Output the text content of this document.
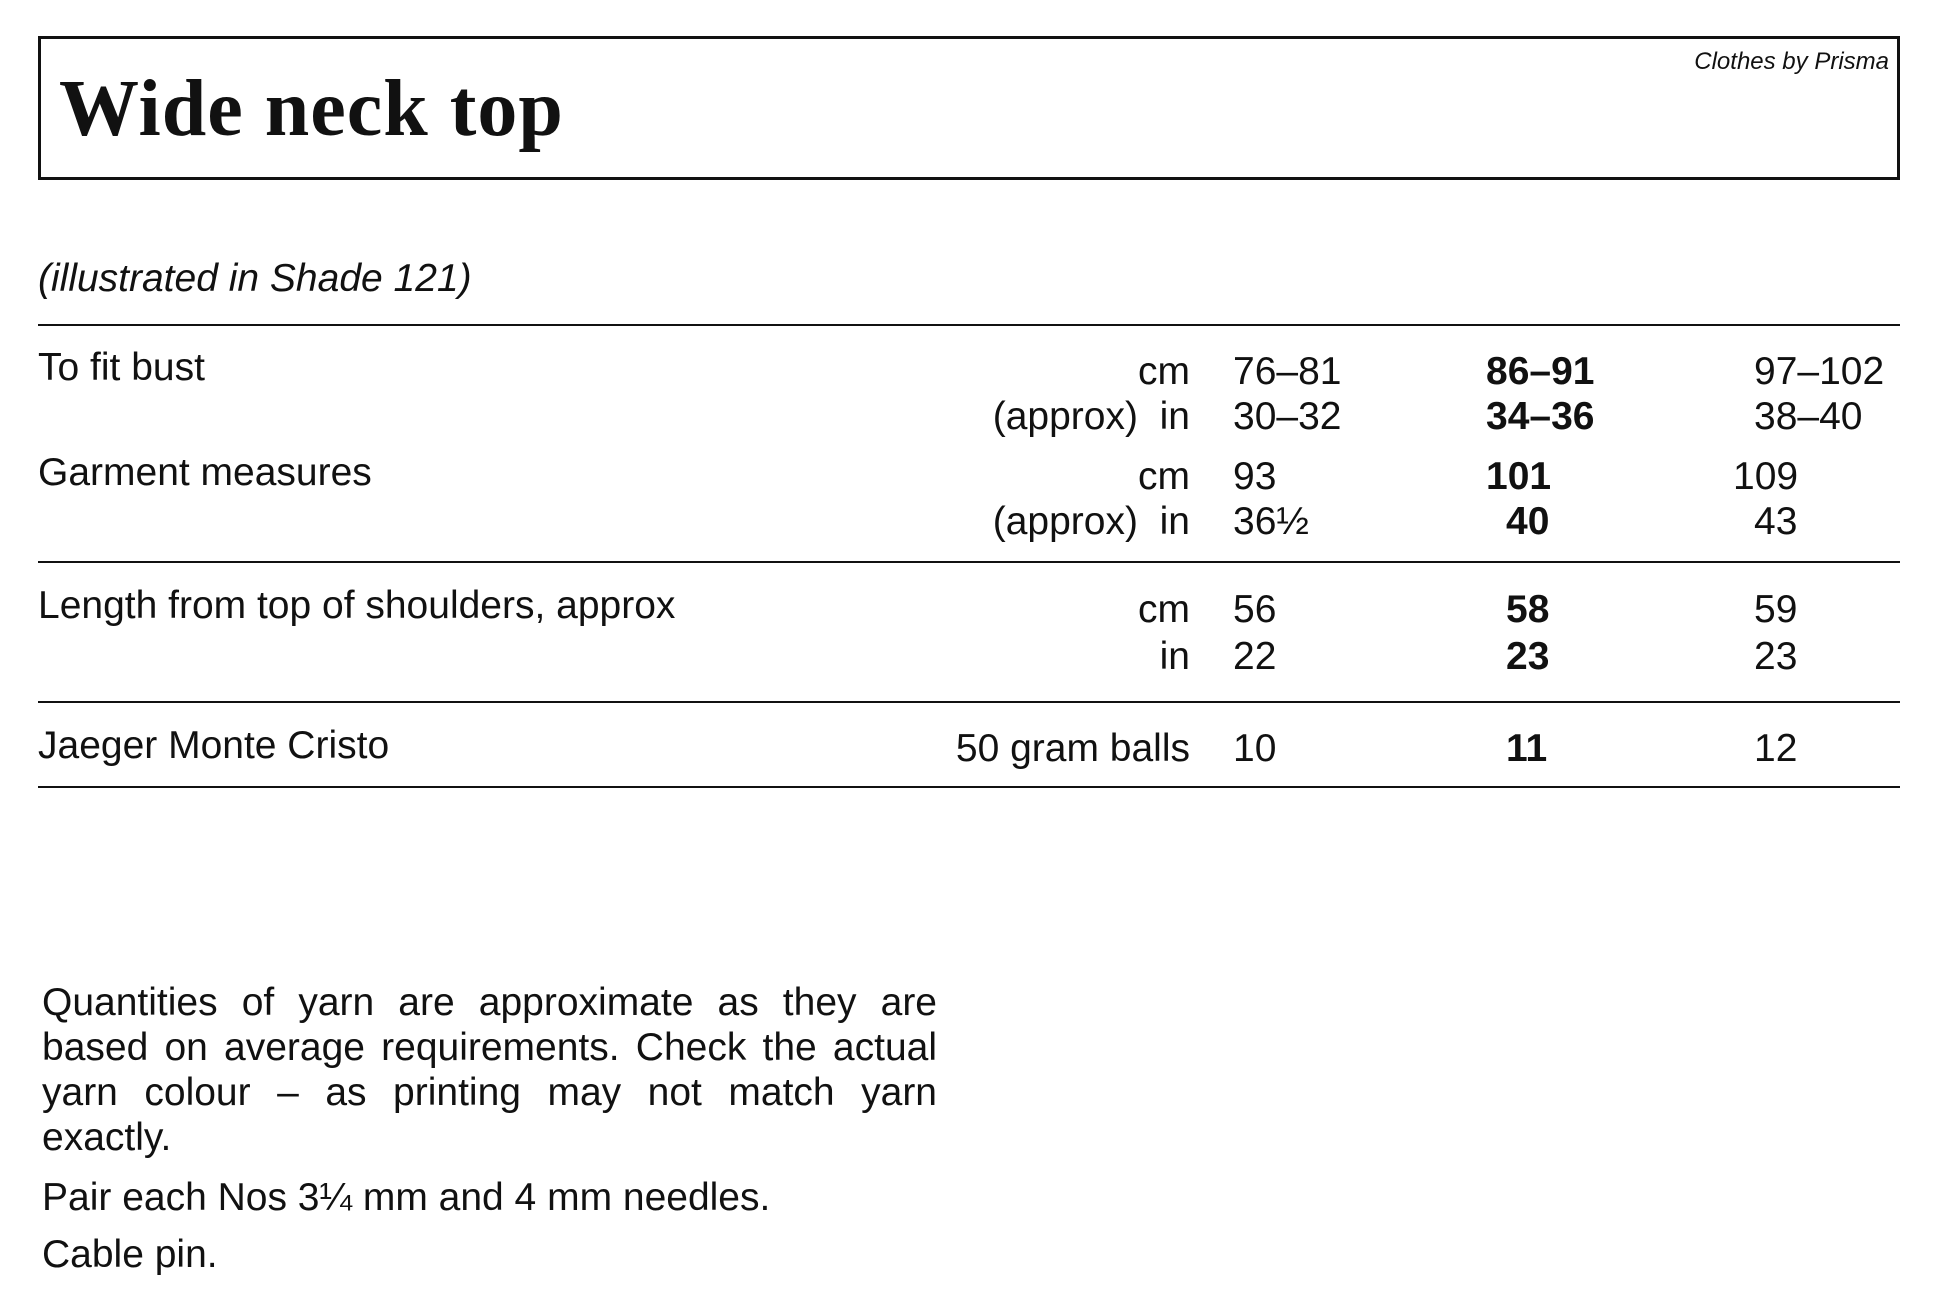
Wide neck top
Clothes by Prisma
(illustrated in Shade 121)
To fit bust	cm 76–81	86–91	97–102
(approx)  in 30–32	34–36	38–40
Garment measures	cm 93	101	109
(approx)  in 36½	40	43
Length from top of shoulders, approx	cm 56	58	59
in 22	23	23
Jaeger Monte Cristo	50 gram balls 10	11	12
Quantities of yarn are approximate as they are based on average requirements. Check the actual yarn colour – as printing may not match yarn exactly.
Pair each Nos 3¼ mm and 4 mm needles.
Cable pin.
